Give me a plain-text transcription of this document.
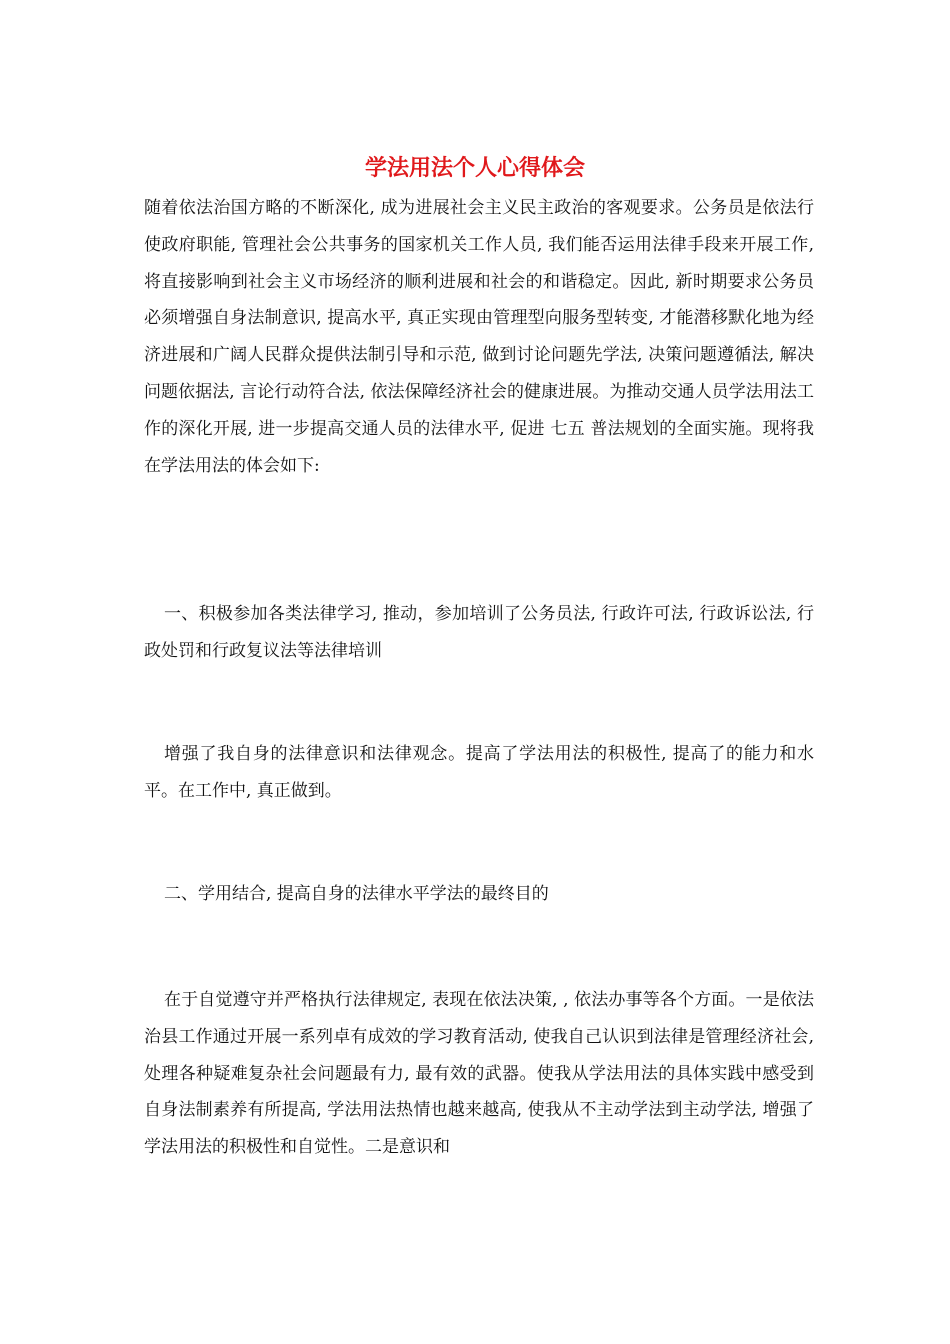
学法用法个人心得体会

随着依法治国方略的不断深化, 成为进展社会主义民主政治的客观要求。公务员是依法行使政府职能, 管理社会公共事务的国家机关工作人员, 我们能否运用法律手段来开展工作, 将直接影响到社会主义市场经济的顺利进展和社会的和谐稳定。因此, 新时期要求公务员必须增强自身法制意识, 提高水平, 真正实现由管理型向服务型转变, 才能潜移默化地为经济进展和广阔人民群众提供法制引导和示范, 做到讨论问题先学法, 决策问题遵循法, 解决问题依据法, 言论行动符合法, 依法保障经济社会的健康进展。为推动交通人员学法用法工作的深化开展, 进一步提高交通人员的法律水平, 促进 七五 普法规划的全面实施。现将我在学法用法的体会如下:

一、积极参加各类法律学习, 推动，参加培训了公务员法, 行政许可法, 行政诉讼法, 行政处罚和行政复议法等法律培训

增强了我自身的法律意识和法律观念。提高了学法用法的积极性, 提高了的能力和水平。在工作中, 真正做到。

二、学用结合, 提高自身的法律水平学法的最终目的

在于自觉遵守并严格执行法律规定, 表现在依法决策, , 依法办事等各个方面。一是依法治县工作通过开展一系列卓有成效的学习教育活动, 使我自己认识到法律是管理经济社会, 处理各种疑难复杂社会问题最有力, 最有效的武器。使我从学法用法的具体实践中感受到自身法制素养有所提高, 学法用法热情也越来越高, 使我从不主动学法到主动学法, 增强了学法用法的积极性和自觉性。二是意识和
